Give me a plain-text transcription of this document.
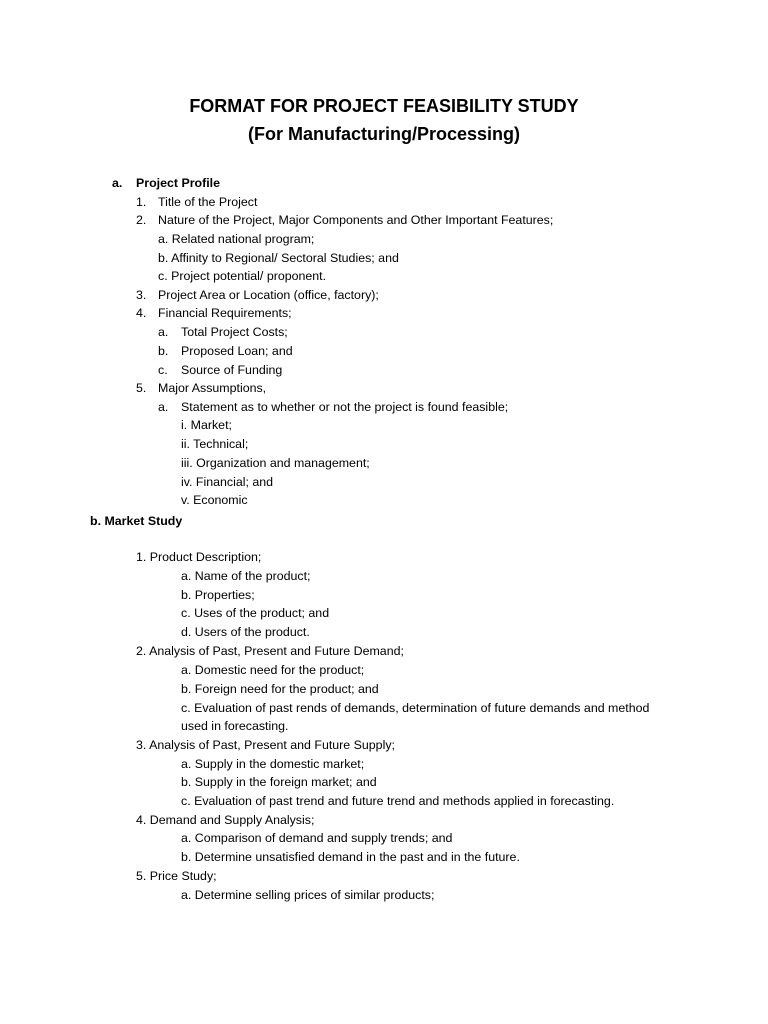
FORMAT FOR PROJECT FEASIBILITY STUDY
(For Manufacturing/Processing)
a. Project Profile
1. Title of the Project
2. Nature of the Project, Major Components and Other Important Features;
a. Related national program;
b. Affinity to Regional/ Sectoral Studies; and
c. Project potential/ proponent.
3. Project Area or Location (office, factory);
4. Financial Requirements;
a. Total Project Costs;
b. Proposed Loan; and
c. Source of Funding
5. Major Assumptions,
a. Statement as to whether or not the project is found feasible;
i. Market;
ii. Technical;
iii. Organization and management;
iv. Financial; and
v. Economic
b. Market Study
1. Product Description;
a. Name of the product;
b. Properties;
c. Uses of the product; and
d. Users of the product.
2. Analysis of Past, Present and Future Demand;
a. Domestic need for the product;
b. Foreign need for the product; and
c. Evaluation of past rends of demands, determination of future demands and method
used in forecasting.
3. Analysis of Past, Present and Future Supply;
a. Supply in the domestic market;
b. Supply in the foreign market; and
c. Evaluation of past trend and future trend and methods applied in forecasting.
4. Demand and Supply Analysis;
a. Comparison of demand and supply trends; and
b. Determine unsatisfied demand in the past and in the future.
5. Price Study;
a. Determine selling prices of similar products;
